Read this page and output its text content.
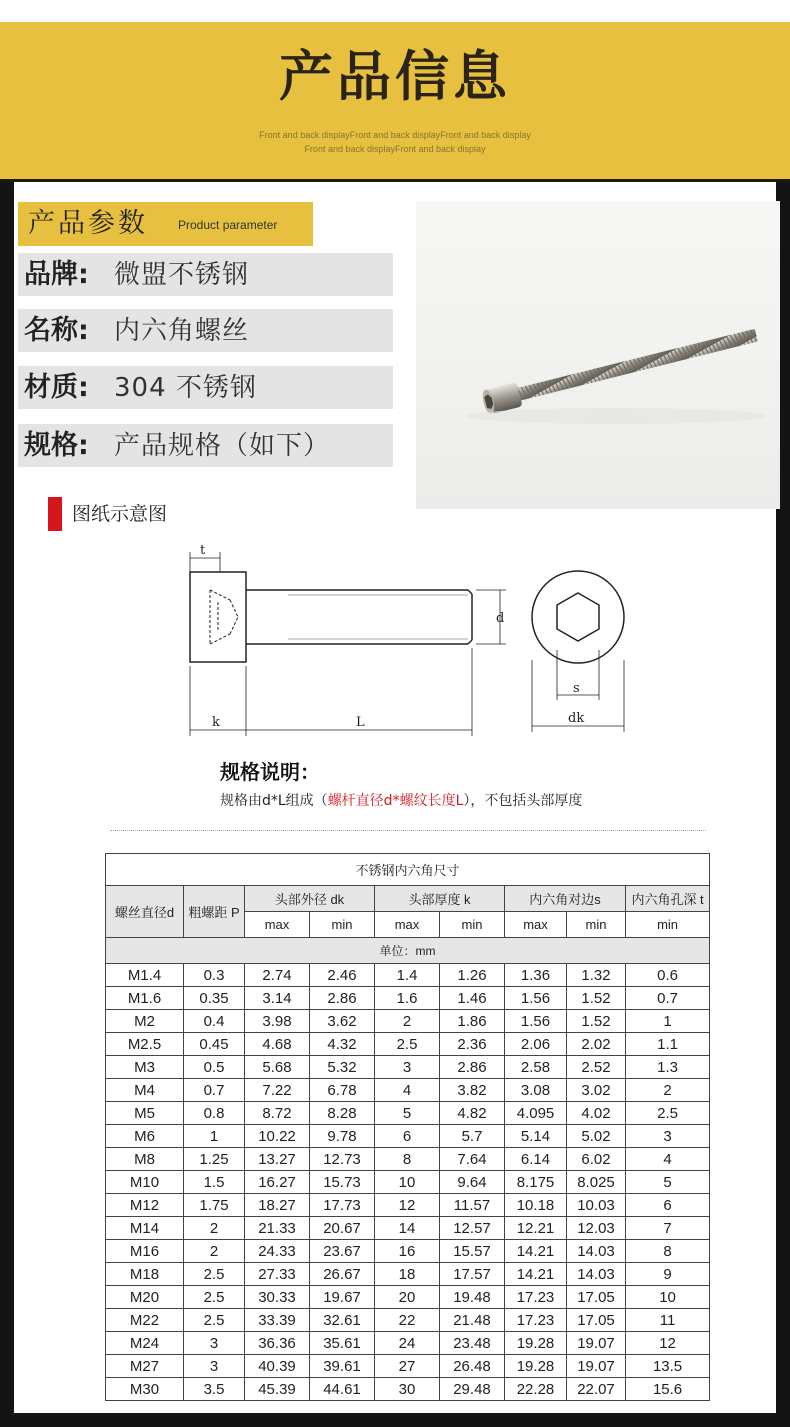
产品信息
Front and back displayFront and back displayFront and back display
Front and back displayFront and back display
产品参数	Product parameter
品牌: 微盟不锈钢
名称: 内六角螺丝
材质: 304 不锈钢
规格: 产品规格（如下）
图纸示意图
t
d
k	L
s
dk
规格说明：
规格由d*L组成（螺杆直径d*螺纹长度L），不包括头部厚度
不锈钢内六角尺寸								
螺丝直径d	粗螺距 P	头部外径 dk		头部厚度 k		内六角对边s		内六角孔深 t
		max	min	max	min	max	min	min
单位：mm								
M1.4	0.3	2.74	2.46	1.4	1.26	1.36	1.32	0.6
M1.6	0.35	3.14	2.86	1.6	1.46	1.56	1.52	0.7
M2	0.4	3.98	3.62	2	1.86	1.56	1.52	1
M2.5	0.45	4.68	4.32	2.5	2.36	2.06	2.02	1.1
M3	0.5	5.68	5.32	3	2.86	2.58	2.52	1.3
M4	0.7	7.22	6.78	4	3.82	3.08	3.02	2
M5	0.8	8.72	8.28	5	4.82	4.095	4.02	2.5
M6	1	10.22	9.78	6	5.7	5.14	5.02	3
M8	1.25	13.27	12.73	8	7.64	6.14	6.02	4
M10	1.5	16.27	15.73	10	9.64	8.175	8.025	5
M12	1.75	18.27	17.73	12	11.57	10.18	10.03	6
M14	2	21.33	20.67	14	12.57	12.21	12.03	7
M16	2	24.33	23.67	16	15.57	14.21	14.03	8
M18	2.5	27.33	26.67	18	17.57	14.21	14.03	9
M20	2.5	30.33	19.67	20	19.48	17.23	17.05	10
M22	2.5	33.39	32.61	22	21.48	17.23	17.05	11
M24	3	36.36	35.61	24	23.48	19.28	19.07	12
M27	3	40.39	39.61	27	26.48	19.28	19.07	13.5
M30	3.5	45.39	44.61	30	29.48	22.28	22.07	15.6
